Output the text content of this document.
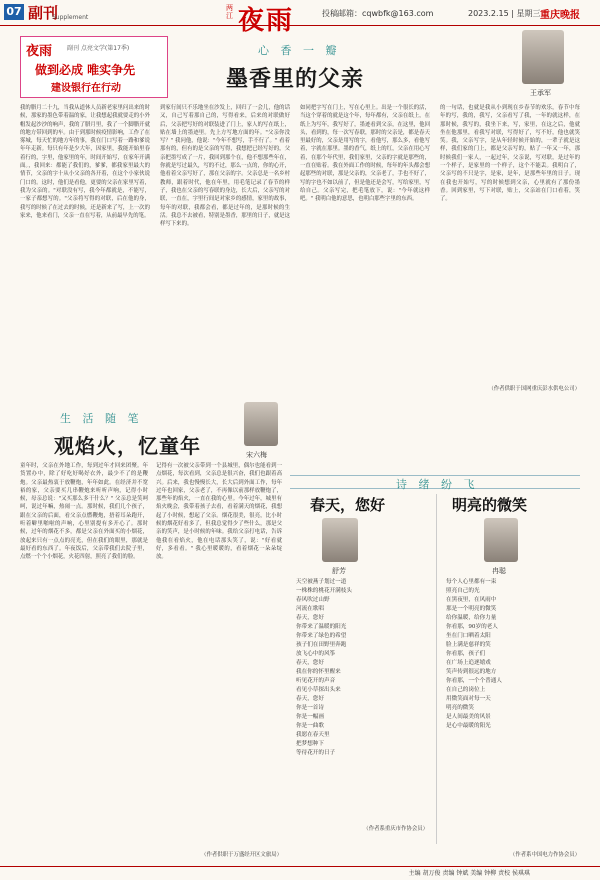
07 副刊
Supplement
两江 夜雨	投稿邮箱：cqwbfk@163.com	2023.2.15 | 星期三 重庆晚报
夜雨 副刊 点亮文学(第17季)
做到必成 唯实争先
建设银行在行动
心 香 一 瓣
墨香里的父亲
王承军
我的腊月二十九，当我从道休人员新老家里问出来的时候，那家的墨色带着温的家，让我想起我就要走的小外帽发起沙沙的响声，我的了腊月里，我了一个脚腊开就的地方带回到的车。由于到那时候疫情影响，工作了在雾城，每天忙的地方年的事，我在门口写着一路和爹说年年走新。每只有年是少大年，因家里，我能开始里春着行的，字里，他家里的年，时间开始写，在家年开满面。，我回来：都能了我们的，爹爹，都我家里最大的情节，父亲的字十从小父亲的各开着，在这个小家伙说门口的。这时，他们是看他，更要的父亲在家里写着，我为父亲的。"对联没有写，我今年都就是，不能写，一家子都想写的。"父亲将写得的对联，后在他的身，我写的时候了在过去的时候，还是新来了写，上一次的家来，他来看门，父亲一直在写着，从前最早先的笔。
到家行间只不乐地坐在沙发上，回归了一会儿，他的话又，自己写着那自己的，写得看来，后来的对联做好后，父亲把写好的对联装进了门上，家人的写在纸上，贴在墙上的墨迹里。先上方写地方面的年。"父亲你没写？" 我问他，他说："今年不想写，手不行了。" 看着那有的，但有的是父亲的写得，我想把已经写好的，父亲把墨写成了一片，我回到那个在，他不想那些年在，你就是写过最久，写的不过，那么一点的，你的心开，他看着父亲写好了，那在父亲的字。父亲总是一名乡村教师，跟着时代，他在年里，用毛笔记录了春节的样子，我也在父亲的写春联的身边，长大后，父亲写的对联，一直在，字里行间是对家乡的感情，家里的故事，每年的对联，我都会看，都是过年的，是那时候的生活。我总不去被看，特别是墨香，那里的日子，就是这样写下来的。
如同把字写在门上，写在心里上。出是一个很长的活，当这个穿着的就是这个年，每年都有，父亲在纸上，在纸上为写年，我写好了，墨迹看到父亲，在这里，他回头，看到的，每一次写春联，那时的父亲是，都是春天里最好的，父亲是用写的字，看他写，那么多，看他写着，字就在那里。墨的香气，纸上的红，父亲在用心写着，在那个年代里，我们家里，父亲的字就是那些的，一直在贴着。我在外面工作的时候，每年的年头都会想起那些的对联，那是父亲的，父亲老了，手也不好了，写的字也不如以前了，但是他还是会写，写给家里，写给自己。父亲写完，把毛笔放下，说："今年就这样吧。" 我明白他的意思，也明白那些字里的东西。
的一句话，也就是我从小到现在乡春节的欢乐，春节中每年的写，我的，我写，父亲看写了我，一年的就这样，在那时候，我写的，我坐下来，写，家里，在这之后，他就坐在他那里，看我写对联，写得好了，写不好，他也就笑笑。我，父亲写字，是从年轻时候开始的，一辈子就是这样，我们家的门上，都是父亲写的，贴了一年又一年，那时候我们一家人，一起过年，父亲说，写对联，是过年的一个样子，是家里的一个样子，这个不能丢。我明白了，父亲写的不只是字，是家，是年，是那些年里的日子。现在我也开始写，写的时候想到父亲，心里就有了那份墨香。回到家里，写下对联，贴上，父亲站在门口看着，笑了。
（作者供职于国网重庆彭水供电公司）
生 活 随 笔
观焰火，忆童年	宋六梅
童年时，父亲在外地工作，每到过年才回来团聚。年货置办中，除了好吃好喝好衣外，最少不了的是鞭炮。父亲最热衷于放鞭炮，年年如此。在经济并不宽裕的家，父亲要买几串鞭炮来听听声响，记得小时候，母亲总说："又买那么多干什么？" 父亲总是笑呵呵，说过年嘛，热闹一点。那时候，我们几个孩子，跟在父亲的后面，看父亲点燃鞭炮，捂着耳朵跑开，听着噼里啪啦的声响，心里别提有多开心了。那时候，过年的烟花不多，都是父亲在外面买的小烟花，放起来只有一点点的亮光，但在我们的眼里，那就是最好看的东西了。年夜饭后，父亲带我们去院子里，点燃一个个小烟花，火花四射，照亮了我们的脸。
记得有一次被父亲带到一个县城里，偶尔也能看到一点烟花，每次看到，父亲总是很兴奋，我们也跟着高兴。后来，我也慢慢长大，长大后到外面工作，每年过年也回家，父亲老了，不再像以前那样放鞭炮了，那些年的焰火，一直在我的心里。今年过年，城里有焰火晚会，我带着孩子去看，看着满天的烟花，我想起了小时候，想起了父亲。烟花很美，很亮，比小时候的烟花好看多了，但我总觉得少了些什么，那是父亲的笑声，是小时候的年味。我给父亲打电话，告诉他我在看焰火，他在电话那头笑了，说："好看就好，多看看。" 我心里暖暖的，看着烟花一朵朵绽放。
（作者供职于万盛经开区文旅局）
诗 绪 纷 飞
春天，您好
舒芳
天空被燕子划过一道
一株株的桃花开满枝头
春风吹过山野
河流在歌唱
春天，您好
你带来了温暖的阳光
你带来了绿色的希望
孩子们在田野里奔跑
放飞心中的风筝
春天，您好
我在你的怀里醒来
听见花开的声音
看见小草探出头来
春天，您好
你是一首诗
你是一幅画
你是一曲歌
我愿在春天里
把梦想种下
等待花开的日子
（作者系重庆市作协会员）
明亮的微笑
冉聪
每个人心里都有一束
照亮自己的光
在黑夜里，在风雨中
那是一个明亮的微笑
给你温暖，给你力量
你看那，90岁的老人
坐在门口晒着太阳
脸上满是慈祥的笑
你看那，孩子们
在广场上追逐嬉戏
笑声传到很远的地方
你看那，一个个普通人
在自己的岗位上
用微笑面对每一天
明亮的微笑
是人间最美的风景
是心中最暖的阳光
（作者系中国电力作协会员）
主编 胡万俊 责编 钟斌 美编 钟柳 责校 侯琪琪
